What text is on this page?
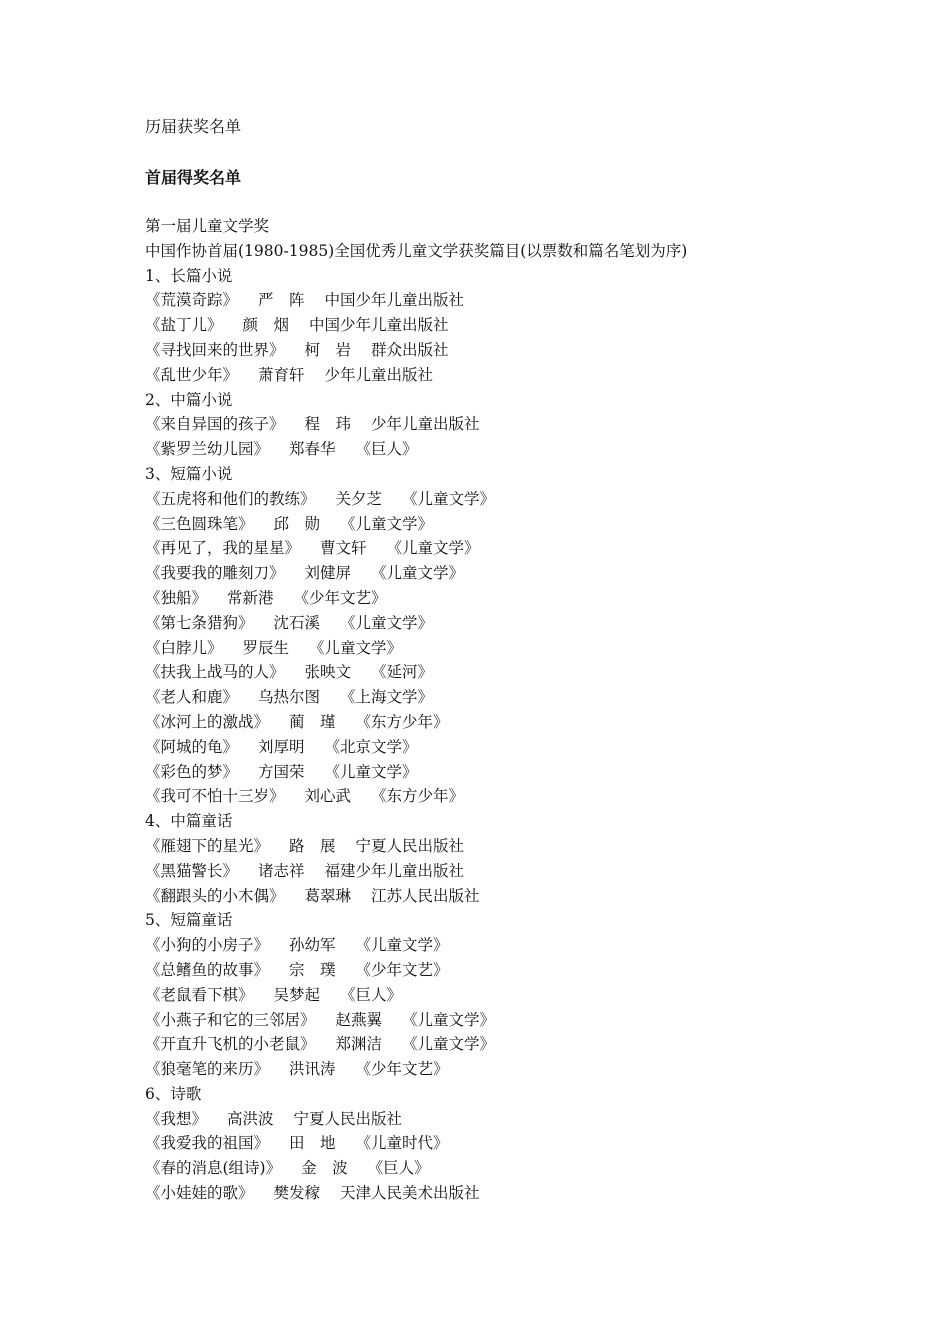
历届获奖名单
首届得奖名单
第一届儿童文学奖
中国作协首届(1980-1985)全国优秀儿童文学获奖篇目(以票数和篇名笔划为序)
1、长篇小说
《荒漠奇踪》 严　阵 中国少年儿童出版社
《盐丁儿》 颜　烟 中国少年儿童出版社
《寻找回来的世界》 柯　岩 群众出版社
《乱世少年》 萧育轩 少年儿童出版社
2、中篇小说
《来自异国的孩子》 程　玮 少年儿童出版社
《紫罗兰幼儿园》 郑春华 《巨人》
3、短篇小说
《五虎将和他们的教练》 关夕芝 《儿童文学》
《三色圆珠笔》 邱　勋 《儿童文学》
《再见了，我的星星》 曹文轩 《儿童文学》
《我要我的雕刻刀》 刘健屏 《儿童文学》
《独船》 常新港 《少年文艺》
《第七条猎狗》 沈石溪 《儿童文学》
《白脖儿》 罗辰生 《儿童文学》
《扶我上战马的人》 张映文 《延河》
《老人和鹿》 乌热尔图 《上海文学》
《冰河上的激战》 蔺　瑾 《东方少年》
《阿城的龟》 刘厚明 《北京文学》
《彩色的梦》 方国荣 《儿童文学》
《我可不怕十三岁》 刘心武 《东方少年》
4、中篇童话
《雁翅下的星光》 路　展 宁夏人民出版社
《黑猫警长》 诸志祥 福建少年儿童出版社
《翻跟头的小木偶》 葛翠琳 江苏人民出版社
5、短篇童话
《小狗的小房子》 孙幼军 《儿童文学》
《总鳍鱼的故事》 宗　璞 《少年文艺》
《老鼠看下棋》 吴梦起 《巨人》
《小燕子和它的三邻居》 赵燕翼 《儿童文学》
《开直升飞机的小老鼠》 郑渊洁 《儿童文学》
《狼毫笔的来历》 洪讯涛 《少年文艺》
6、诗歌
《我想》 高洪波 宁夏人民出版社
《我爱我的祖国》 田　地 《儿童时代》
《春的消息(组诗)》 金　波 《巨人》
《小娃娃的歌》 樊发稼 天津人民美术出版社
